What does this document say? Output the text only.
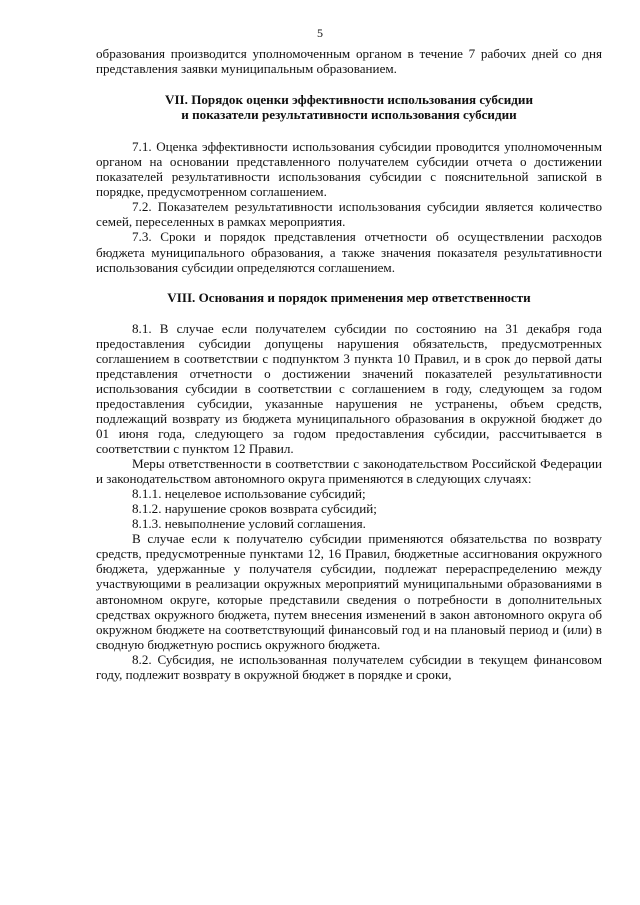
5

образования производится уполномоченным органом в течение 7 рабочих дней со дня представления заявки муниципальным образованием.

VII. Порядок оценки эффективности использования субсидии
и показатели результативности использования субсидии

7.1. Оценка эффективности использования субсидии проводится уполномоченным органом на основании представленного получателем субсидии отчета о достижении показателей результативности использования субсидии с пояснительной запиской в порядке, предусмотренном соглашением.

7.2. Показателем результативности использования субсидии является количество семей, переселенных в рамках мероприятия.

7.3. Сроки и порядок представления отчетности об осуществлении расходов бюджета муниципального образования, а также значения показателя результативности использования субсидии определяются соглашением.

VIII. Основания и порядок применения мер ответственности

8.1. В случае если получателем субсидии по состоянию на 31 декабря года предоставления субсидии допущены нарушения обязательств, предусмотренных соглашением в соответствии с подпунктом 3 пункта 10 Правил, и в срок до первой даты представления отчетности о достижении значений показателей результативности использования субсидии в соответствии с соглашением в году, следующем за годом предоставления субсидии, указанные нарушения не устранены, объем средств, подлежащий возврату из бюджета муниципального образования в окружной бюджет до 01 июня года, следующего за годом предоставления субсидии, рассчитывается в соответствии с пунктом 12 Правил.

Меры ответственности в соответствии с законодательством Российской Федерации и законодательством автономного округа применяются в следующих случаях:

8.1.1. нецелевое использование субсидий;

8.1.2. нарушение сроков возврата субсидий;

8.1.3. невыполнение условий соглашения.

В случае если к получателю субсидии применяются обязательства по возврату средств, предусмотренные пунктами 12, 16 Правил, бюджетные ассигнования окружного бюджета, удержанные у получателя субсидии, подлежат перераспределению между участвующими в реализации окружных мероприятий муниципальными образованиями в автономном округе, которые представили сведения о потребности в дополнительных средствах окружного бюджета, путем внесения изменений в закон автономного округа об окружном бюджете на соответствующий финансовый год и на плановый период и (или) в сводную бюджетную роспись окружного бюджета.

8.2. Субсидия, не использованная получателем субсидии в текущем финансовом году, подлежит возврату в окружной бюджет в порядке и сроки,
